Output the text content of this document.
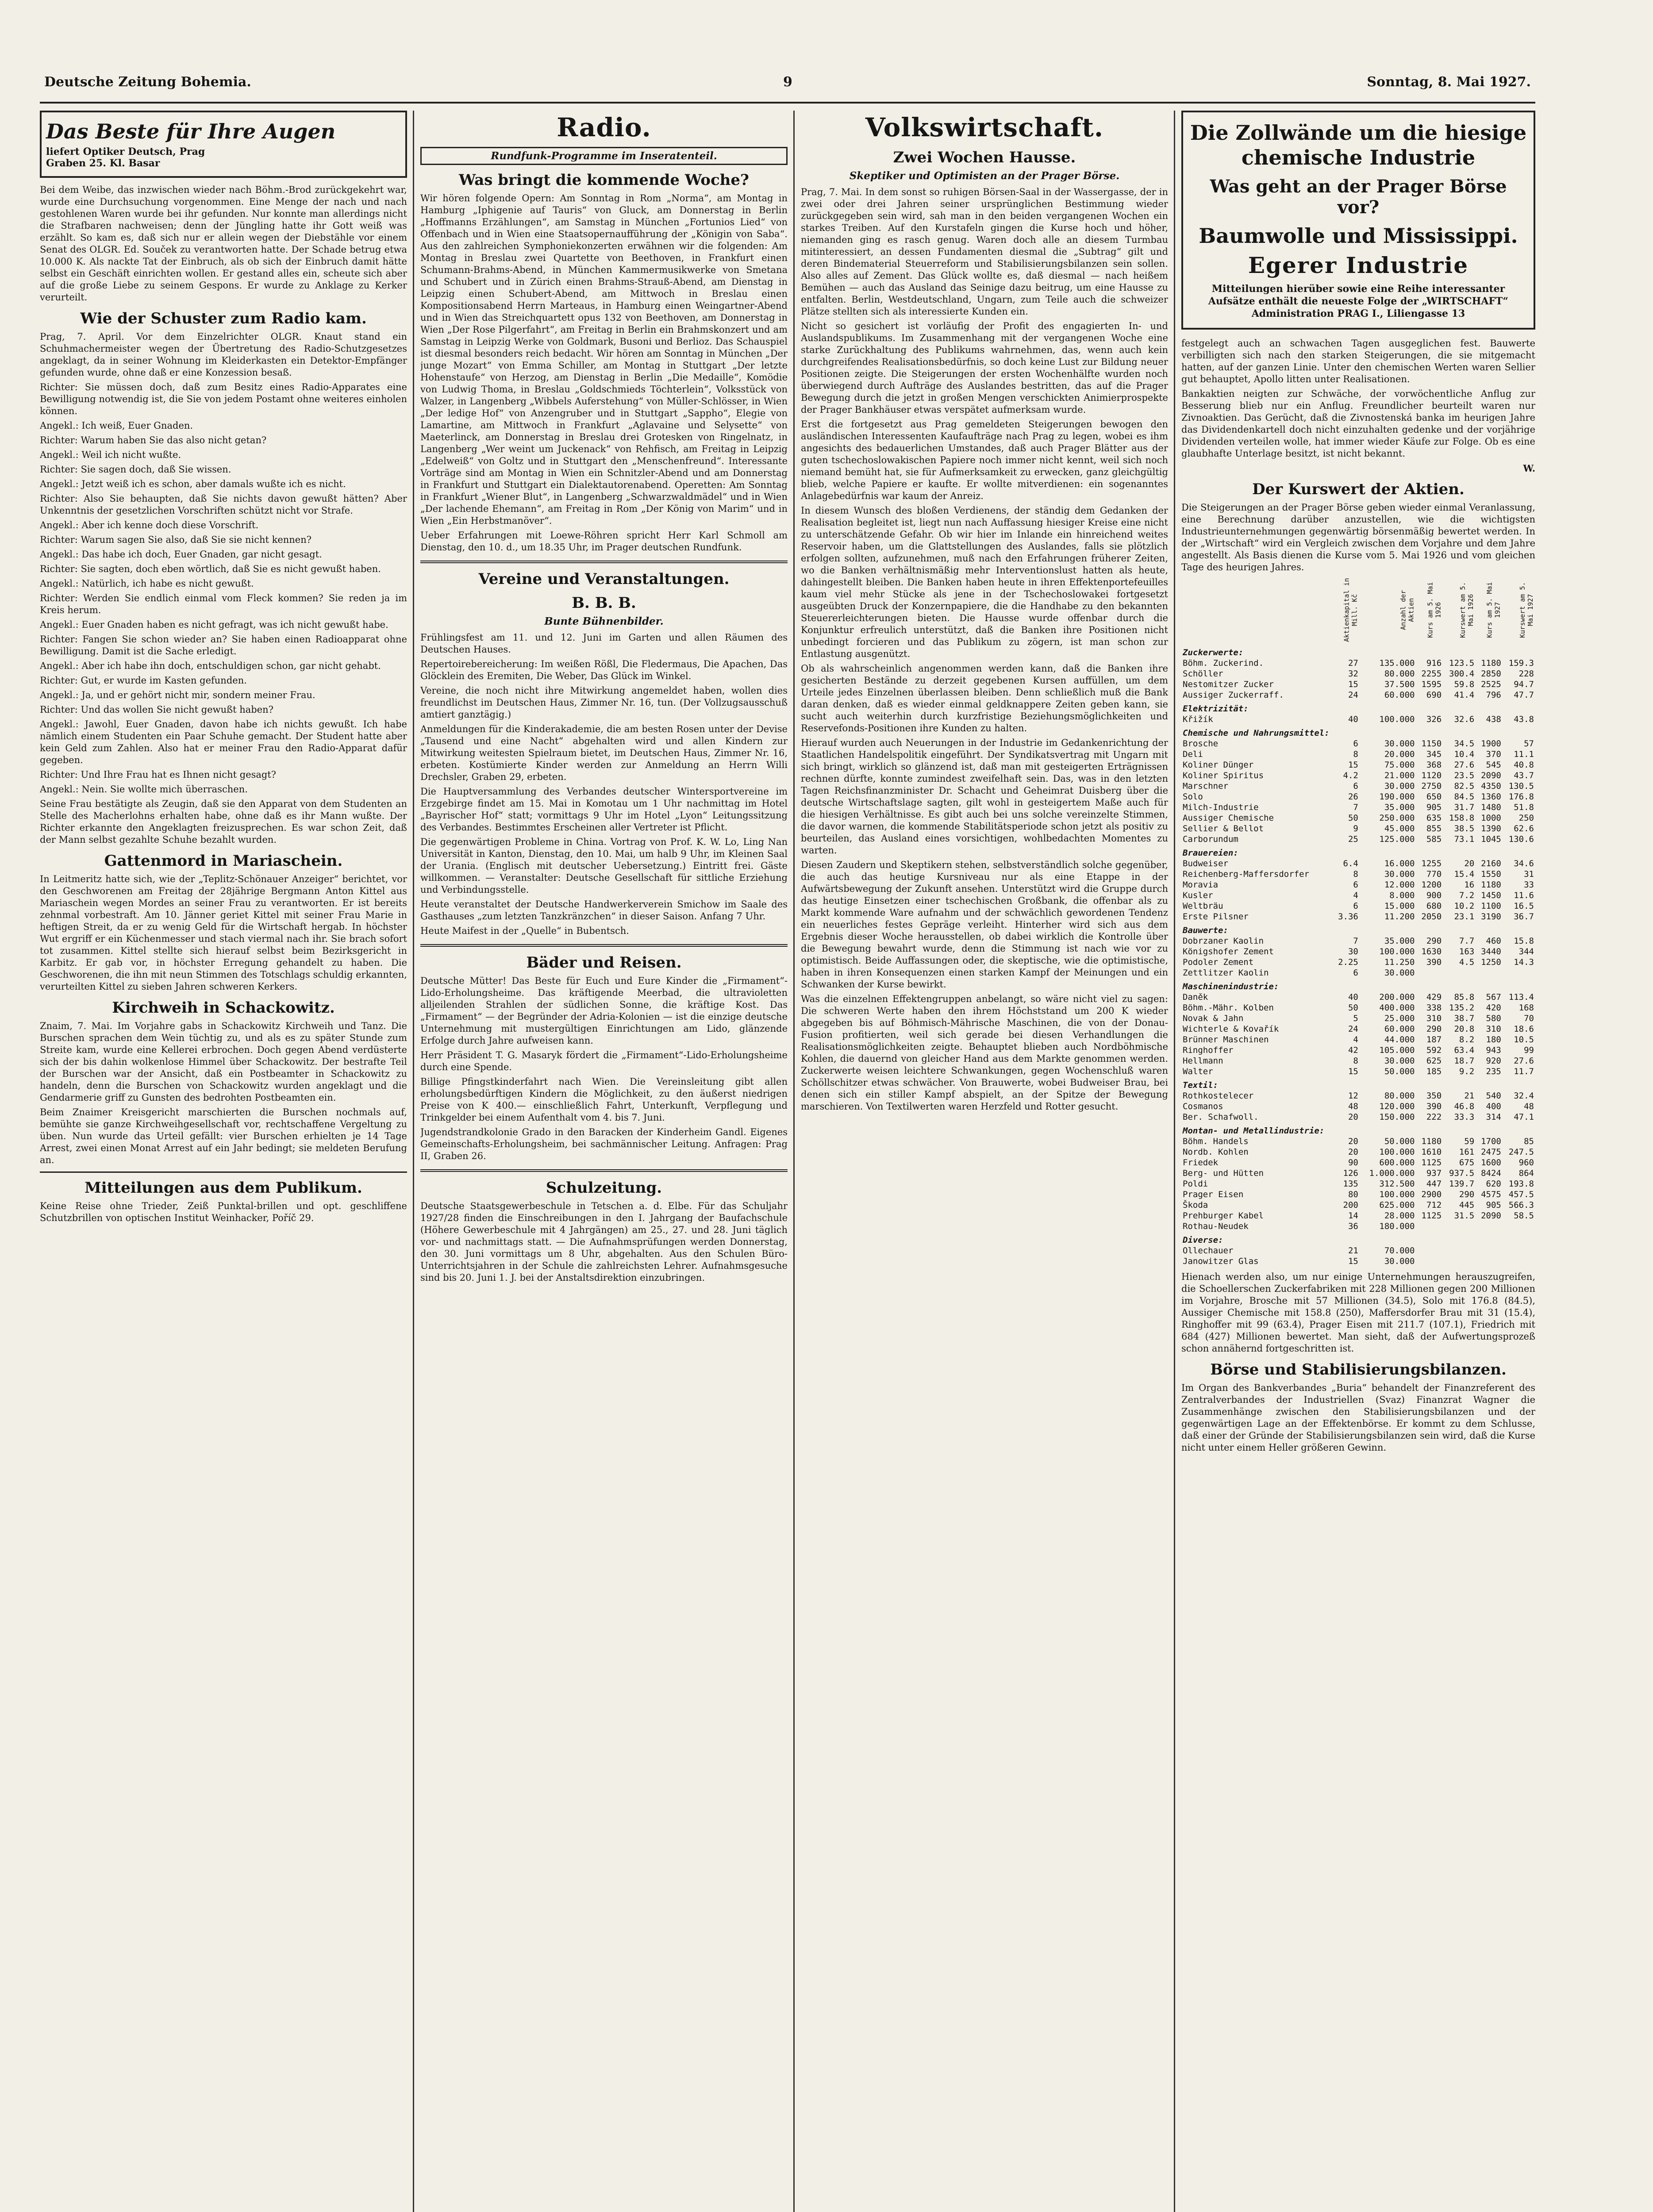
Deutsche Zeitung Bohemia.	9	Sonntag, 8. Mai 1927.
Das Beste für Ihre Augen
liefert Optiker Deutsch, Prag
Graben 25. Kl. Basar

Bei dem Weibe, das inzwischen wieder nach Böhm.-Brod zurückgekehrt war, wurde eine Durchsuchung vorgenommen. Eine Menge der nach und nach gestohlenen Waren wurde bei ihr gefunden. Nur konnte man allerdings nicht die Strafbaren nachweisen; denn der Jüngling hatte ihr Gott weiß was erzählt. So kam es, daß sich nur er allein wegen der Diebstähle vor einem Senat des OLGR. Ed. Souček zu verantworten hatte. Der Schade betrug etwa 10.000 K. Als nackte Tat der Einbruch, als ob sich der Einbruch damit hätte selbst ein Geschäft einrichten wollen. Er gestand alles ein, scheute sich aber auf die große Liebe zu seinem Gespons. Er wurde zu Anklage zu Kerker verurteilt.

Wie der Schuster zum Radio kam.

Prag, 7. April. Vor dem Einzelrichter OLGR. Knaut stand ein Schuhmachermeister wegen der Übertretung des Radio-Schutzgesetzes angeklagt, da in seiner Wohnung im Kleiderkasten ein Detektor-Empfänger gefunden wurde, ohne daß er eine Konzession besaß.

Richter: Sie müssen doch, daß zum Besitz eines Radio-Apparates eine Bewilligung notwendig ist, die Sie von jedem Postamt ohne weiteres einholen können.

Angekl.: Ich weiß, Euer Gnaden.

Richter: Warum haben Sie das also nicht getan?

Angekl.: Weil ich nicht wußte.

Richter: Sie sagen doch, daß Sie wissen.

Angekl.: Jetzt weiß ich es schon, aber damals wußte ich es nicht.

Richter: Also Sie behaupten, daß Sie nichts davon gewußt hätten? Aber Unkenntnis der gesetzlichen Vorschriften schützt nicht vor Strafe.

Angekl.: Aber ich kenne doch diese Vorschrift.

Richter: Warum sagen Sie also, daß Sie sie nicht kennen?

Angekl.: Das habe ich doch, Euer Gnaden, gar nicht gesagt.

Richter: Sie sagten, doch eben wörtlich, daß Sie es nicht gewußt haben.

Angekl.: Natürlich, ich habe es nicht gewußt.

Richter: Werden Sie endlich einmal vom Fleck kommen? Sie reden ja im Kreis herum.

Angekl.: Euer Gnaden haben es nicht gefragt, was ich nicht gewußt habe.

Richter: Fangen Sie schon wieder an? Sie haben einen Radioapparat ohne Bewilligung. Damit ist die Sache erledigt.

Angekl.: Aber ich habe ihn doch, entschuldigen schon, gar nicht gehabt.

Richter: Gut, er wurde im Kasten gefunden.

Angekl.: Ja, und er gehört nicht mir, sondern meiner Frau.

Richter: Und das wollen Sie nicht gewußt haben?

Angekl.: Jawohl, Euer Gnaden, davon habe ich nichts gewußt. Ich habe nämlich einem Studenten ein Paar Schuhe gemacht. Der Student hatte aber kein Geld zum Zahlen. Also hat er meiner Frau den Radio-Apparat dafür gegeben.

Richter: Und Ihre Frau hat es Ihnen nicht gesagt?

Angekl.: Nein. Sie wollte mich überraschen.

Seine Frau bestätigte als Zeugin, daß sie den Apparat von dem Studenten an Stelle des Macherlohns erhalten habe, ohne daß es ihr Mann wußte. Der Richter erkannte den Angeklagten freizusprechen. Es war schon Zeit, daß der Mann selbst gezahlte Schuhe bezahlt wurden.

Gattenmord in Mariaschein.

In Leitmeritz hatte sich, wie der „Teplitz-Schönauer Anzeiger“ berichtet, vor den Geschworenen am Freitag der 28jährige Bergmann Anton Kittel aus Mariaschein wegen Mordes an seiner Frau zu verantworten. Er ist bereits zehnmal vorbestraft. Am 10. Jänner geriet Kittel mit seiner Frau Marie in heftigen Streit, da er zu wenig Geld für die Wirtschaft hergab. In höchster Wut ergriff er ein Küchenmesser und stach viermal nach ihr. Sie brach sofort tot zusammen. Kittel stellte sich hierauf selbst beim Bezirksgericht in Karbitz. Er gab vor, in höchster Erregung gehandelt zu haben. Die Geschworenen, die ihn mit neun Stimmen des Totschlags schuldig erkannten, verurteilten Kittel zu sieben Jahren schweren Kerkers.

Kirchweih in Schackowitz.

Znaim, 7. Mai. Im Vorjahre gabs in Schackowitz Kirchweih und Tanz. Die Burschen sprachen dem Wein tüchtig zu, und als es zu später Stunde zum Streite kam, wurde eine Kellerei erbrochen. Doch gegen Abend verdüsterte sich der bis dahin wolkenlose Himmel über Schackowitz. Der bestrafte Teil der Burschen war der Ansicht, daß ein Postbeamter in Schackowitz zu handeln, denn die Burschen von Schackowitz wurden angeklagt und die Gendarmerie griff zu Gunsten des bedrohten Postbeamten ein.

Beim Znaimer Kreisgericht marschierten die Burschen nochmals auf, bemühte sie ganze Kirchweihgesellschaft vor, rechtschaffene Vergeltung zu üben. Nun wurde das Urteil gefällt: vier Burschen erhielten je 14 Tage Arrest, zwei einen Monat Arrest auf ein Jahr bedingt; sie meldeten Berufung an.

Mitteilungen aus dem Publikum.

Keine Reise ohne Trieder, Zeiß Punktal-brillen und opt. geschliffene Schutzbrillen von optischen Institut Weinhacker, Poříč 29.

Radio.
Rundfunk-Programme im Inseratenteil.
Was bringt die kommende Woche?

Wir hören folgende Opern: Am Sonntag in Rom „Norma“, am Montag in Hamburg „Iphigenie auf Tauris“ von Gluck, am Donnerstag in Berlin „Hoffmanns Erzählungen“, am Samstag in München „Fortunios Lied“ von Offenbach und in Wien eine Staatsopernaufführung der „Königin von Saba“. Aus den zahlreichen Symphoniekonzerten erwähnen wir die folgenden: Am Montag in Breslau zwei Quartette von Beethoven, in Frankfurt einen Schumann-Brahms-Abend, in München Kammermusikwerke von Smetana und Schubert und in Zürich einen Brahms-Strauß-Abend, am Dienstag in Leipzig einen Schubert-Abend, am Mittwoch in Breslau einen Kompositionsabend Herrn Marteaus, in Hamburg einen Weingartner-Abend und in Wien das Streichquartett opus 132 von Beethoven, am Donnerstag in Wien „Der Rose Pilgerfahrt“, am Freitag in Berlin ein Brahmskonzert und am Samstag in Leipzig Werke von Goldmark, Busoni und Berlioz. Das Schauspiel ist diesmal besonders reich bedacht. Wir hören am Sonntag in München „Der junge Mozart“ von Emma Schiller, am Montag in Stuttgart „Der letzte Hohenstaufe“ von Herzog, am Dienstag in Berlin „Die Medaille“, Komödie von Ludwig Thoma, in Breslau „Goldschmieds Töchterlein“, Volksstück von Walzer, in Langenberg „Wibbels Auferstehung“ von Müller-Schlösser, in Wien „Der ledige Hof“ von Anzengruber und in Stuttgart „Sappho“, Elegie von Lamartine, am Mittwoch in Frankfurt „Aglavaine und Selysette“ von Maeterlinck, am Donnerstag in Breslau drei Grotesken von Ringelnatz, in Langenberg „Wer weint um Juckenack“ von Rehfisch, am Freitag in Leipzig „Edelweiß“ von Goltz und in Stuttgart den „Menschenfreund“. Interessante Vorträge sind am Montag in Wien ein Schnitzler-Abend und am Donnerstag in Frankfurt und Stuttgart ein Dialektautorenabend. Operetten: Am Sonntag in Frankfurt „Wiener Blut“, in Langenberg „Schwarzwaldmädel“ und in Wien „Der lachende Ehemann“, am Freitag in Rom „Der König von Marim“ und in Wien „Ein Herbstmanöver“.

Ueber Erfahrungen mit Loewe-Röhren spricht Herr Karl Schmoll am Dienstag, den 10. d., um 18.35 Uhr, im Prager deutschen Rundfunk.

Vereine und Veranstaltungen.
B. B. B.
Bunte Bühnenbilder.

Frühlingsfest am 11. und 12. Juni im Garten und allen Räumen des Deutschen Hauses.

Repertoirebereicherung: Im weißen Rößl, Die Fledermaus, Die Apachen, Das Glöcklein des Eremiten, Die Weber, Das Glück im Winkel.

Vereine, die noch nicht ihre Mitwirkung angemeldet haben, wollen dies freundlichst im Deutschen Haus, Zimmer Nr. 16, tun. (Der Vollzugsausschuß amtiert ganztägig.)

Anmeldungen für die Kinderakademie, die am besten Rosen unter der Devise „Tausend und eine Nacht“ abgehalten wird und allen Kindern zur Mitwirkung weitesten Spielraum bietet, im Deutschen Haus, Zimmer Nr. 16, erbeten. Kostümierte Kinder werden zur Anmeldung an Herrn Willi Drechsler, Graben 29, erbeten.

Die Hauptversammlung des Verbandes deutscher Wintersportvereine im Erzgebirge findet am 15. Mai in Komotau um 1 Uhr nachmittag im Hotel „Bayrischer Hof“ statt; vormittags 9 Uhr im Hotel „Lyon“ Leitungssitzung des Verbandes. Bestimmtes Erscheinen aller Vertreter ist Pflicht.

Die gegenwärtigen Probleme in China. Vortrag von Prof. K. W. Lo, Ling Nan Universität in Kanton, Dienstag, den 10. Mai, um halb 9 Uhr, im Kleinen Saal der Urania. (Englisch mit deutscher Uebersetzung.) Eintritt frei. Gäste willkommen. — Veranstalter: Deutsche Gesellschaft für sittliche Erziehung und Verbindungsstelle.

Heute veranstaltet der Deutsche Handwerkerverein Smichow im Saale des Gasthauses „zum letzten Tanzkränzchen“ in dieser Saison. Anfang 7 Uhr.

Heute Maifest in der „Quelle“ in Bubentsch.

Bäder und Reisen.

Deutsche Mütter! Das Beste für Euch und Eure Kinder die „Firmament“-Lido-Erholungsheime. Das kräftigende Meerbad, die ultravioletten alljeilenden Strahlen der südlichen Sonne, die kräftige Kost. Das „Firmament“ — der Begründer der Adria-Kolonien — ist die einzige deutsche Unternehmung mit mustergültigen Einrichtungen am Lido, glänzende Erfolge durch Jahre aufweisen kann.

Herr Präsident T. G. Masaryk fördert die „Firmament“-Lido-Erholungsheime durch eine Spende.

Billige Pfingstkinderfahrt nach Wien. Die Vereinsleitung gibt allen erholungsbedürftigen Kindern die Möglichkeit, zu den äußerst niedrigen Preise von K 400.— einschließlich Fahrt, Unterkunft, Verpflegung und Trinkgelder bei einem Aufenthalt vom 4. bis 7. Juni.

Jugendstrandkolonie Grado in den Baracken der Kinderheim Gandl. Eigenes Gemeinschafts-Erholungsheim, bei sachmännischer Leitung. Anfragen: Prag II, Graben 26.

Schulzeitung.

Deutsche Staatsgewerbeschule in Tetschen a. d. Elbe. Für das Schuljahr 1927/28 finden die Einschreibungen in den I. Jahrgang der Baufachschule (Höhere Gewerbeschule mit 4 Jahrgängen) am 25., 27. und 28. Juni täglich vor- und nachmittags statt. — Die Aufnahmsprüfungen werden Donnerstag, den 30. Juni vormittags um 8 Uhr, abgehalten. Aus den Schulen Büro-Unterrichtsjahren in der Schule die zahlreichsten Lehrer. Aufnahmsgesuche sind bis 20. Juni 1. J. bei der Anstaltsdirektion einzubringen.

Volkswirtschaft.
Zwei Wochen Hausse.
Skeptiker und Optimisten an der Prager Börse.

Prag, 7. Mai. In dem sonst so ruhigen Börsen-Saal in der Wassergasse, der in zwei oder drei Jahren seiner ursprünglichen Bestimmung wieder zurückgegeben sein wird, sah man in den beiden vergangenen Wochen ein starkes Treiben. Auf den Kurstafeln gingen die Kurse hoch und höher, niemanden ging es rasch genug. Waren doch alle an diesem Turmbau mitinteressiert, an dessen Fundamenten diesmal die „Subtrag“ gilt und deren Bindematerial Steuerreform und Stabilisierungsbilanzen sein sollen. Also alles auf Zement. Das Glück wollte es, daß diesmal — nach heißem Bemühen — auch das Ausland das Seinige dazu beitrug, um eine Hausse zu entfalten. Berlin, Westdeutschland, Ungarn, zum Teile auch die schweizer Plätze stellten sich als interessierte Kunden ein.

Nicht so gesichert ist vorläufig der Profit des engagierten In- und Auslandspublikums. Im Zusammenhang mit der vergangenen Woche eine starke Zurückhaltung des Publikums wahrnehmen, das, wenn auch kein durchgreifendes Realisationsbedürfnis, so doch keine Lust zur Bildung neuer Positionen zeigte. Die Steigerungen der ersten Wochenhälfte wurden noch überwiegend durch Aufträge des Auslandes bestritten, das auf die Prager Bewegung durch die jetzt in großen Mengen verschickten Animierprospekte der Prager Bankhäuser etwas verspätet aufmerksam wurde.

Erst die fortgesetzt aus Prag gemeldeten Steigerungen bewogen den ausländischen Interessenten Kaufaufträge nach Prag zu legen, wobei es ihm angesichts des bedauerlichen Umstandes, daß auch Prager Blätter aus der guten tschechoslowakischen Papiere noch immer nicht kennt, weil sich noch niemand bemüht hat, sie für Aufmerksamkeit zu erwecken, ganz gleichgültig blieb, welche Papiere er kaufte. Er wollte mitverdienen: ein sogenanntes Anlagebedürfnis war kaum der Anreiz.

In diesem Wunsch des bloßen Verdienens, der ständig dem Gedanken der Realisation begleitet ist, liegt nun nach Auffassung hiesiger Kreise eine nicht zu unterschätzende Gefahr. Ob wir hier im Inlande ein hinreichend weites Reservoir haben, um die Glattstellungen des Auslandes, falls sie plötzlich erfolgen sollten, aufzunehmen, muß nach den Erfahrungen früherer Zeiten, wo die Banken verhältnismäßig mehr Interventionslust hatten als heute, dahingestellt bleiben. Die Banken haben heute in ihren Effektenportefeuilles kaum viel mehr Stücke als jene in der Tschechoslowakei fortgesetzt ausgeübten Druck der Konzernpapiere, die die Handhabe zu den bekannten Steuererleichterungen bieten. Die Hausse wurde offenbar durch die Konjunktur erfreulich unterstützt, daß die Banken ihre Positionen nicht unbedingt forcieren und das Publikum zu zögern, ist man schon zur Entlastung ausgenützt.

Ob als wahrscheinlich angenommen werden kann, daß die Banken ihre gesicherten Bestände zu derzeit gegebenen Kursen auffüllen, um dem Urteile jedes Einzelnen überlassen bleiben. Denn schließlich muß die Bank daran denken, daß es wieder einmal geldknappere Zeiten geben kann, sie sucht auch weiterhin durch kurzfristige Beziehungsmöglichkeiten und Reservefonds-Positionen ihre Kunden zu halten.

Hierauf wurden auch Neuerungen in der Industrie im Gedankenrichtung der Staatlichen Handelspolitik eingeführt. Der Syndikatsvertrag mit Ungarn mit sich bringt, wirklich so glänzend ist, daß man mit gesteigerten Erträgnissen rechnen dürfte, konnte zumindest zweifelhaft sein. Das, was in den letzten Tagen Reichsfinanzminister Dr. Schacht und Geheimrat Duisberg über die deutsche Wirtschaftslage sagten, gilt wohl in gesteigertem Maße auch für die hiesigen Verhältnisse. Es gibt auch bei uns solche vereinzelte Stimmen, die davor warnen, die kommende Stabilitätsperiode schon jetzt als positiv zu beurteilen, das Ausland eines vorsichtigen, wohlbedachten Momentes zu warten.

Diesen Zaudern und Skeptikern stehen, selbstverständlich solche gegenüber, die auch das heutige Kursniveau nur als eine Etappe in der Aufwärtsbewegung der Zukunft ansehen. Unterstützt wird die Gruppe durch das heutige Einsetzen einer tschechischen Großbank, die offenbar als zu Markt kommende Ware aufnahm und der schwächlich gewordenen Tendenz ein neuerliches festes Gepräge verleiht. Hinterher wird sich aus dem Ergebnis dieser Woche herausstellen, ob dabei wirklich die Kontrolle über die Bewegung bewahrt wurde, denn die Stimmung ist nach wie vor zu optimistisch. Beide Auffassungen oder, die skeptische, wie die optimistische, haben in ihren Konsequenzen einen starken Kampf der Meinungen und ein Schwanken der Kurse bewirkt.

Was die einzelnen Effektengruppen anbelangt, so wäre nicht viel zu sagen: Die schweren Werte haben den ihrem Höchststand um 200 K wieder abgegeben bis auf Böhmisch-Mährische Maschinen, die von der Donau-Fusion profitierten, weil sich gerade bei diesen Verhandlungen die Realisationsmöglichkeiten zeigte. Behauptet blieben auch Nordböhmische Kohlen, die dauernd von gleicher Hand aus dem Markte genommen werden. Zuckerwerte weisen leichtere Schwankungen, gegen Wochenschluß waren Schöllschitzer etwas schwächer. Von Brauwerte, wobei Budweiser Brau, bei denen sich ein stiller Kampf abspielt, an der Spitze der Bewegung marschieren. Von Textilwerten waren Herzfeld und Rotter gesucht.

Die Zollwände um die hiesige chemische Industrie
Was geht an der Prager Börse vor?
Baumwolle und Mississippi.
Egerer Industrie
Mitteilungen hierüber sowie eine Reihe interessanter Aufsätze enthält die neueste Folge der „WIRTSCHAFT“ Administration PRAG I., Liliengasse 13

festgelegt auch an schwachen Tagen ausgeglichen fest. Bauwerte verbilligten sich nach den starken Steigerungen, die sie mitgemacht hatten, auf der ganzen Linie. Unter den chemischen Werten waren Sellier gut behauptet, Apollo litten unter Realisationen.

Bankaktien neigten zur Schwäche, der vorwöchentliche Anflug zur Besserung blieb nur ein Anflug. Freundlicher beurteilt waren nur Zivnoaktien. Das Gerücht, daß die Zivnostenská banka im heurigen Jahre das Dividendenkartell doch nicht einzuhalten gedenke und der vorjährige Dividenden verteilen wolle, hat immer wieder Käufe zur Folge. Ob es eine glaubhafte Unterlage besitzt, ist nicht bekannt.

W.

Der Kurswert der Aktien.

Die Steigerungen an der Prager Börse geben wieder einmal Veranlassung, eine Berechnung darüber anzustellen, wie die wichtigsten Industrieunternehmungen gegenwärtig börsenmäßig bewertet werden. In der „Wirtschaft“ wird ein Vergleich zwischen dem Vorjahre und dem Jahre angestellt. Als Basis dienen die Kurse vom 5. Mai 1926 und vom gleichen Tage des heurigen Jahres.

	Aktienkapital in Mill. Kč	Anzahl der Aktien	Kurs am 5. Mai 1926	Kurswert am 5. Mai 1926	Kurs am 5. Mai 1927	Kurswert am 5. Mai 1927
Zuckerwerte:						
Böhm. Zuckerind.	27	135.000	916	123.5	1180	159.3
Schöller	32	80.000	2255	300.4	2850	228
Nestomitzer Zucker	15	37.500	1595	59.8	2525	94.7
Aussiger Zuckerraff.	24	60.000	690	41.4	796	47.7
Elektrizität:						
Křižík	40	100.000	326	32.6	438	43.8
Chemische und Nahrungsmittel:						
Brosche	6	30.000	1150	34.5	1900	57
Deli	8	20.000	345	10.4	370	11.1
Koliner Dünger	15	75.000	368	27.6	545	40.8
Koliner Spiritus	4.2	21.000	1120	23.5	2090	43.7
Marschner	6	30.000	2750	82.5	4350	130.5
Solo	26	190.000	650	84.5	1360	176.8
Milch-Industrie	7	35.000	905	31.7	1480	51.8
Aussiger Chemische	50	250.000	635	158.8	1000	250
Sellier & Bellot	9	45.000	855	38.5	1390	62.6
Carborundum	25	125.000	585	73.1	1045	130.6
Brauereien:						
Budweiser	6.4	16.000	1255	20	2160	34.6
Reichenberg-Maffersdorfer	8	30.000	770	15.4	1550	31
Moravia	6	12.000	1200	16	1180	33
Kusler	4	8.000	900	7.2	1450	11.6
Weltbräu	6	15.000	680	10.2	1100	16.5
Erste Pilsner	3.36	11.200	2050	23.1	3190	36.7
Bauwerte:						
Dobrzaner Kaolin	7	35.000	290	7.7	460	15.8
Königshofer Zement	30	100.000	1630	163	3440	344
Podoler Zement	2.25	11.250	390	4.5	1250	14.3
Zettlitzer Kaolin	6	30.000				
Maschinenindustrie:						
Daněk	40	200.000	429	85.8	567	113.4
Böhm.-Mähr. Kolben	50	400.000	338	135.2	420	168
Novak & Jahn	5	25.000	310	38.7	580	70
Wichterle & Kovařík	24	60.000	290	20.8	310	18.6
Brünner Maschinen	4	44.000	187	8.2	180	10.5
Ringhoffer	42	105.000	592	63.4	943	99
Hellmann	8	30.000	625	18.7	920	27.6
Walter	15	50.000	185	9.2	235	11.7
Textil:						
Rothkostelecer	12	80.000	350	21	540	32.4
Cosmanos	48	120.000	390	46.8	400	48
Ber. Schafwoll.	20	150.000	222	33.3	314	47.1
Montan- und Metallindustrie:						
Böhm. Handels	20	50.000	1180	59	1700	85
Nordb. Kohlen	20	100.000	1610	161	2475	247.5
Friedek	90	600.000	1125	675	1600	960
Berg- und Hütten	126	1.000.000	937	937.5	8424	864
Poldi	135	312.500	447	139.7	620	193.8
Prager Eisen	80	100.000	2900	290	4575	457.5
Škoda	200	625.000	712	445	905	566.3
Prehburger Kabel	14	28.000	1125	31.5	2090	58.5
Rothau-Neudek	36	180.000				
Diverse:						
Ollechauer	21	70.000				
Janowitzer Glas	15	30.000				

Hienach werden also, um nur einige Unternehmungen herauszugreifen, die Schoellerschen Zuckerfabriken mit 228 Millionen gegen 200 Millionen im Vorjahre, Brosche mit 57 Millionen (34.5), Solo mit 176.8 (84.5), Aussiger Chemische mit 158.8 (250), Maffersdorfer Brau mit 31 (15.4), Ringhoffer mit 99 (63.4), Prager Eisen mit 211.7 (107.1), Friedrich mit 684 (427) Millionen bewertet. Man sieht, daß der Aufwertungsprozeß schon annähernd fortgeschritten ist.

Börse und Stabilisierungsbilanzen.

Im Organ des Bankverbandes „Buria“ behandelt der Finanzreferent des Zentralverbandes der Industriellen (Svaz) Finanzrat Wagner die Zusammenhänge zwischen den Stabilisierungsbilanzen und der gegenwärtigen Lage an der Effektenbörse. Er kommt zu dem Schlusse, daß einer der Gründe der Stabilisierungsbilanzen sein wird, daß die Kurse nicht unter einem Heller größeren Gewinn.
